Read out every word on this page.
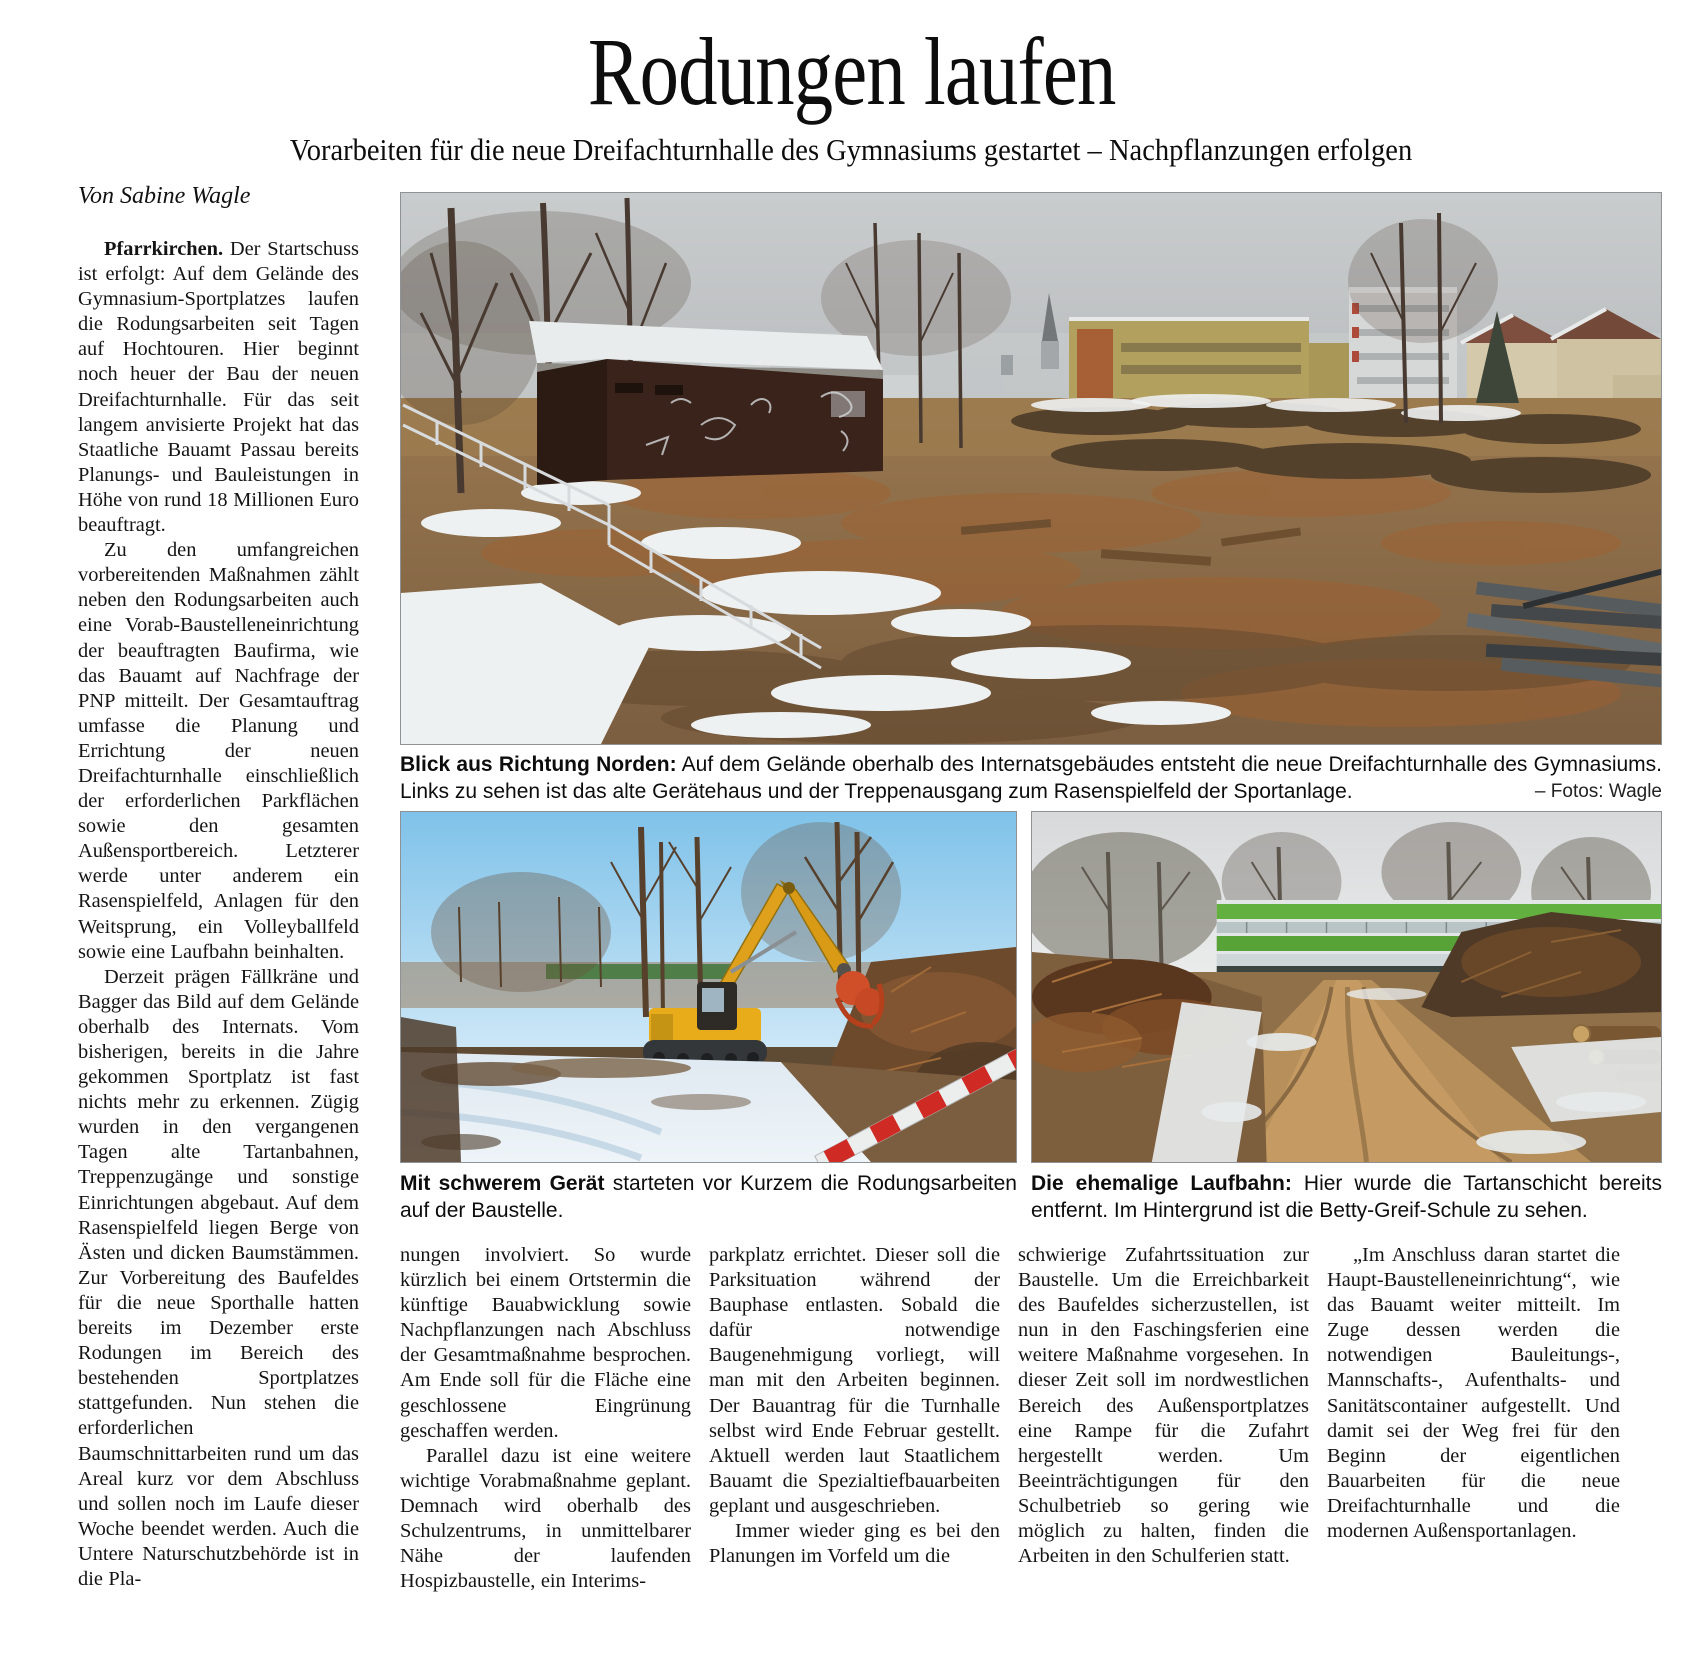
Rodungen laufen
Vorarbeiten für die neue Dreifachturnhalle des Gymnasiums gestartet – Nachpflanzungen erfolgen
Von Sabine Wagle

Pfarrkirchen. Der Startschuss ist erfolgt: Auf dem Gelände des Gymnasium-Sportplatzes laufen die Rodungsarbeiten seit Tagen auf Hochtouren. Hier beginnt noch heuer der Bau der neuen Dreifachturnhalle. Für das seit langem anvisierte Projekt hat das Staatliche Bauamt Passau bereits Planungs- und Bauleistungen in Höhe von rund 18 Millionen Euro beauftragt.

Zu den umfangreichen vorbereitenden Maßnahmen zählt neben den Rodungsarbeiten auch eine Vorab-Baustelleneinrichtung der beauftragten Baufirma, wie das Bauamt auf Nachfrage der PNP mitteilt. Der Gesamtauftrag umfasse die Planung und Errichtung der neuen Dreifachturnhalle einschließlich der erforderlichen Parkflächen sowie den gesamten Außensportbereich. Letzterer werde unter anderem ein Rasenspielfeld, Anlagen für den Weitsprung, ein Volleyballfeld sowie eine Laufbahn beinhalten.

Derzeit prägen Fällkräne und Bagger das Bild auf dem Gelände oberhalb des Internats. Vom bisherigen, bereits in die Jahre gekommen Sportplatz ist fast nichts mehr zu erkennen. Zügig wurden in den vergangenen Tagen alte Tartanbahnen, Treppenzugänge und sonstige Einrichtungen abgebaut. Auf dem Rasenspielfeld liegen Berge von Ästen und dicken Baumstämmen. Zur Vorbereitung des Baufeldes für die neue Sporthalle hatten bereits im Dezember erste Rodungen im Bereich des bestehenden Sportplatzes stattgefunden. Nun stehen die erforderlichen Baumschnittarbeiten rund um das Areal kurz vor dem Abschluss und sollen noch im Laufe dieser Woche beendet werden. Auch die Untere Naturschutzbehörde ist in die Pla-

Blick aus Richtung Norden: Auf dem Gelände oberhalb des Internatsgebäudes entsteht die neue Dreifachturnhalle des Gymnasiums. Links zu sehen ist das alte Gerätehaus und der Treppenausgang zum Rasenspielfeld der Sportanlage.	– Fotos: Wagle
Mit schwerem Gerät starteten vor Kurzem die Rodungsarbeiten auf der Baustelle.
Die ehemalige Laufbahn: Hier wurde die Tartanschicht bereits entfernt. Im Hintergrund ist die Betty-Greif-Schule zu sehen.

nungen involviert. So wurde kürzlich bei einem Ortstermin die künftige Bauabwicklung sowie Nachpflanzungen nach Abschluss der Gesamtmaßnahme besprochen. Am Ende soll für die Fläche eine geschlossene Eingrünung geschaffen werden.

Parallel dazu ist eine weitere wichtige Vorabmaßnahme geplant. Demnach wird oberhalb des Schulzentrums, in unmittelbarer Nähe der laufenden Hospizbaustelle, ein Interims-

parkplatz errichtet. Dieser soll die Parksituation während der Bauphase entlasten. Sobald die dafür notwendige Baugenehmigung vorliegt, will man mit den Arbeiten beginnen. Der Bauantrag für die Turnhalle selbst wird Ende Februar gestellt. Aktuell werden laut Staatlichem Bauamt die Spezialtiefbauarbeiten geplant und ausgeschrieben.

Immer wieder ging es bei den Planungen im Vorfeld um die

schwierige Zufahrtssituation zur Baustelle. Um die Erreichbarkeit des Baufeldes sicherzustellen, ist nun in den Faschingsferien eine weitere Maßnahme vorgesehen. In dieser Zeit soll im nordwestlichen Bereich des Außensportplatzes eine Rampe für die Zufahrt hergestellt werden. Um Beeinträchtigungen für den Schulbetrieb so gering wie möglich zu halten, finden die Arbeiten in den Schulferien statt.

„Im Anschluss daran startet die Haupt-Baustelleneinrichtung“, wie das Bauamt weiter mitteilt. Im Zuge dessen werden die notwendigen Bauleitungs-, Mannschafts-, Aufenthalts- und Sanitätscontainer aufgestellt. Und damit sei der Weg frei für den Beginn der eigentlichen Bauarbeiten für die neue Dreifachturnhalle und die modernen Außensportanlagen.
